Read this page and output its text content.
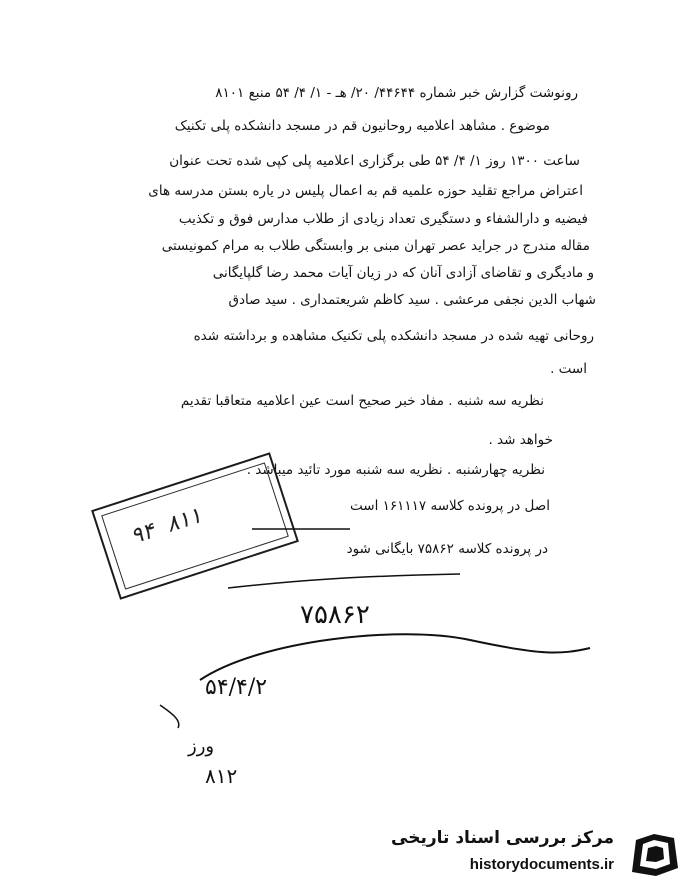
رونوشت گزارش خبر شماره ۴۴۶۴۴/ ۲۰/ هـ - ۱/ ۴/ ۵۴ منبع ۸۱۰۱
موضوع . مشاهد اعلامیه روحانیون قم در مسجد دانشکده پلی تکنیک
ساعت ۱۳۰۰ روز ۱/ ۴/ ۵۴ طی برگزاری اعلامیه پلی کپی شده تحت عنوان
اعتراض مراجع تقلید حوزه علمیه قم به اعمال پلیس در یاره بستن مدرسه های
فیضیه و دارالشفاء و دستگیری تعداد زیادی از طلاب مدارس فوق و تکذیب
مقاله مندرج در جراید عصر تهران مبنی بر وابستگی طلاب به مرام کمونیستی
و مادیگری و تقاضای آزادی آنان که در زیان آیات محمد رضا گلپایگانی
شهاب الدین نجفی مرعشی . سید کاظم شریعتمداری . سید صادق
روحانی تهیه شده در مسجد دانشکده پلی تکنیک مشاهده و برداشته شده
است .
نظریه سه شنبه . مفاد خبر صحیح است عین اعلامیه متعاقبا تقدیم
خواهد شد .
نظریه چهارشنبه . نظریه سه شنبه مورد تائید میباشد .
اصل در پرونده کلاسه ۱۶۱۱۱۷ است
در پرونده کلاسه ۷۵۸۶۲ بایگانی شود
۹۴  ۸۱۱
۷۵۸۶۲
۵۴/۴/۲
ورز
۸۱۲
مرکز بررسی اسناد تاریخی
historydocuments.ir
